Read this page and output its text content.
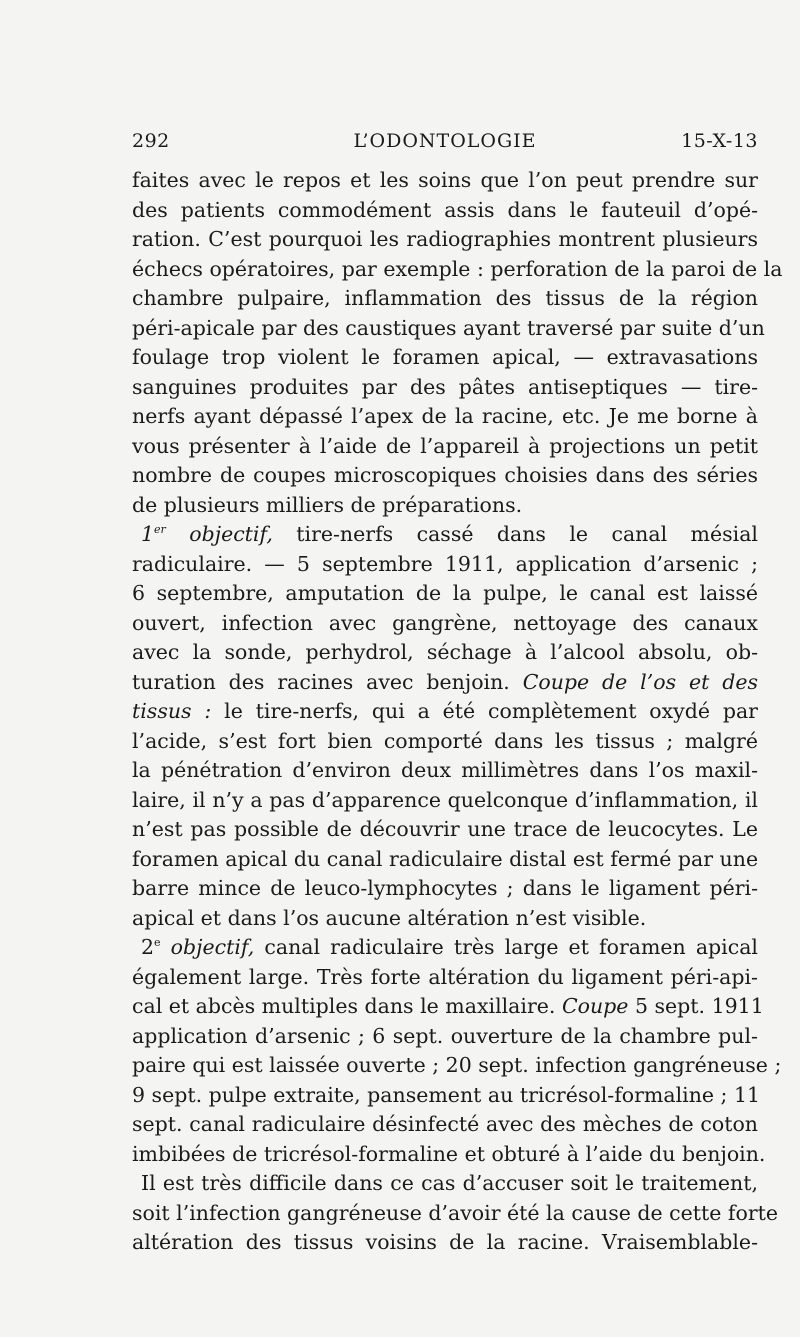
292	L’ODONTOLOGIE	15-X-13
faites avec le repos et les soins que l’on peut prendre sur
des patients commodément assis dans le fauteuil d’opé-
ration. C’est pourquoi les radiographies montrent plusieurs
échecs opératoires, par exemple : perforation de la paroi de la
chambre pulpaire, inflammation des tissus de la région
péri-apicale par des caustiques ayant traversé par suite d’un
foulage trop violent le foramen apical, — extravasations
sanguines produites par des pâtes antiseptiques — tire-
nerfs ayant dépassé l’apex de la racine, etc. Je me borne à
vous présenter à l’aide de l’appareil à projections un petit
nombre de coupes microscopiques choisies dans des séries
de plusieurs milliers de préparations.
1er objectif, tire-nerfs cassé dans le canal mésial
radiculaire. — 5 septembre 1911, application d’arsenic ;
6 septembre, amputation de la pulpe, le canal est laissé
ouvert, infection avec gangrène, nettoyage des canaux
avec la sonde, perhydrol, séchage à l’alcool absolu, ob-
turation des racines avec benjoin. Coupe de l’os et des
tissus : le tire-nerfs, qui a été complètement oxydé par
l’acide, s’est fort bien comporté dans les tissus ; malgré
la pénétration d’environ deux millimètres dans l’os maxil-
laire, il n’y a pas d’apparence quelconque d’inflammation, il
n’est pas possible de découvrir une trace de leucocytes. Le
foramen apical du canal radiculaire distal est fermé par une
barre mince de leuco-lymphocytes ; dans le ligament péri-
apical et dans l’os aucune altération n’est visible.
2e objectif, canal radiculaire très large et foramen apical
également large. Très forte altération du ligament péri-api-
cal et abcès multiples dans le maxillaire. Coupe 5 sept. 1911
application d’arsenic ; 6 sept. ouverture de la chambre pul-
paire qui est laissée ouverte ; 20 sept. infection gangréneuse ;
9 sept. pulpe extraite, pansement au tricrésol-formaline ; 11
sept. canal radiculaire désinfecté avec des mèches de coton
imbibées de tricrésol-formaline et obturé à l’aide du benjoin.
Il est très difficile dans ce cas d’accuser soit le traitement,
soit l’infection gangréneuse d’avoir été la cause de cette forte
altération des tissus voisins de la racine. Vraisemblable-
